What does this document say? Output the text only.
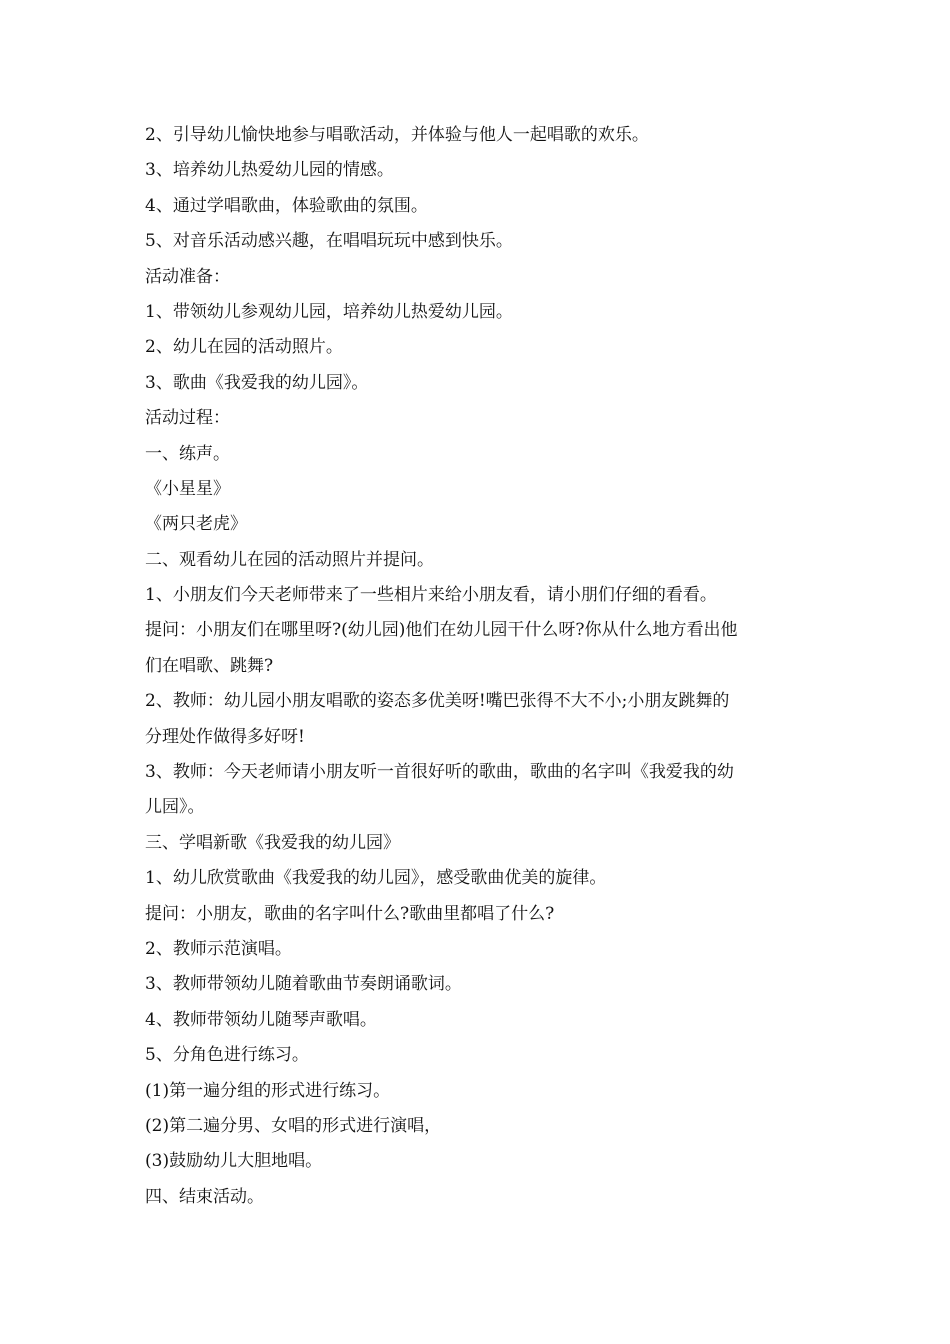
2、引导幼儿愉快地参与唱歌活动，并体验与他人一起唱歌的欢乐。
3、培养幼儿热爱幼儿园的情感。
4、通过学唱歌曲，体验歌曲的氛围。
5、对音乐活动感兴趣，在唱唱玩玩中感到快乐。
活动准备：
1、带领幼儿参观幼儿园，培养幼儿热爱幼儿园。
2、幼儿在园的活动照片。
3、歌曲《我爱我的幼儿园》。
活动过程：
一、练声。
《小星星》
《两只老虎》
二、观看幼儿在园的活动照片并提问。
1、小朋友们今天老师带来了一些相片来给小朋友看，请小朋们仔细的看看。
提问：小朋友们在哪里呀?(幼儿园)他们在幼儿园干什么呀?你从什么地方看出他
们在唱歌、跳舞?
2、教师：幼儿园小朋友唱歌的姿态多优美呀!嘴巴张得不大不小;小朋友跳舞的
分理处作做得多好呀!
3、教师：今天老师请小朋友听一首很好听的歌曲，歌曲的名字叫《我爱我的幼
儿园》。
三、学唱新歌《我爱我的幼儿园》
1、幼儿欣赏歌曲《我爱我的幼儿园》，感受歌曲优美的旋律。
提问：小朋友，歌曲的名字叫什么?歌曲里都唱了什么?
2、教师示范演唱。
3、教师带领幼儿随着歌曲节奏朗诵歌词。
4、教师带领幼儿随琴声歌唱。
5、分角色进行练习。
(1)第一遍分组的形式进行练习。
(2)第二遍分男、女唱的形式进行演唱，
(3)鼓励幼儿大胆地唱。
四、结束活动。
